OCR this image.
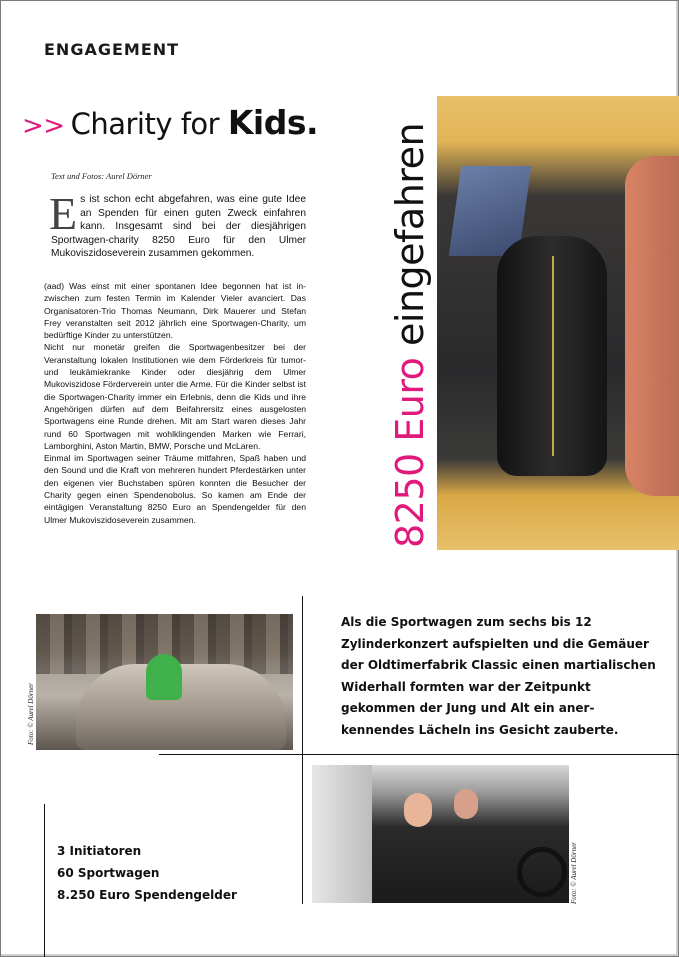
ENGAGEMENT
>> Charity for Kids.
Text und Fotos: Aurel Dörner
Es ist schon echt abgefahren, was eine gute Idee an Spenden für einen guten Zweck einfahren kann. Insgesamt sind bei der diesjährigen Sportwagen-charity 8250 Euro für den Ulmer Mukoviszidoseverein zusammen gekommen.

(aad) Was einst mit einer spontanen Idee begonnen hat ist in-zwischen zum festen Termin im Kalender Vieler avanciert. Das Organisatoren-Trio Thomas Neumann, Dirk Mauerer und Stefan Frey veranstalten seit 2012 jährlich eine Sportwagen-Charity, um bedürftige Kinder zu unterstützen.

Nicht nur monetär greifen die Sportwagenbesitzer bei der Veranstaltung lokalen Institutionen wie dem Förderkreis für tumor- und leukämiekranke Kinder oder diesjährig dem Ulmer Mukoviszidose Förderverein unter die Arme. Für die Kinder selbst ist die Sportwagen-Charity immer ein Erlebnis, denn die Kids und ihre Angehörigen dürfen auf dem Beifahrersitz eines ausgelosten Sportwagens eine Runde drehen. Mit am Start waren dieses Jahr rund 60 Sportwagen mit wohlklingenden Marken wie Ferrari, Lamborghini, Aston Martin, BMW, Porsche und McLaren.

Einmal im Sportwagen seiner Träume mitfahren, Spaß haben und den Sound und die Kraft von mehreren hundert Pferdestärken unter den eigenen vier Buchstaben spüren konnten die Besucher der Charity gegen einen Spendenobolus. So kamen am Ende der eintägigen Veranstaltung 8250 Euro an Spendengelder für den Ulmer Mukoviszidoseverein zusammen.	8250 Euro eingefahren
Foto: © Aurel Dörner
Foto: © Aurel Dörner
Als die Sportwagen zum sechs bis 12 Zylinderkonzert aufspielten und die Gemäuer der Oldtimerfabrik Classic einen martialischen Widerhall formten war der Zeitpunkt gekommen der Jung und Alt ein aner-kennendes Lächeln ins Gesicht zauberte.
3 Initiatoren
60 Sportwagen
8.250 Euro Spendengelder
